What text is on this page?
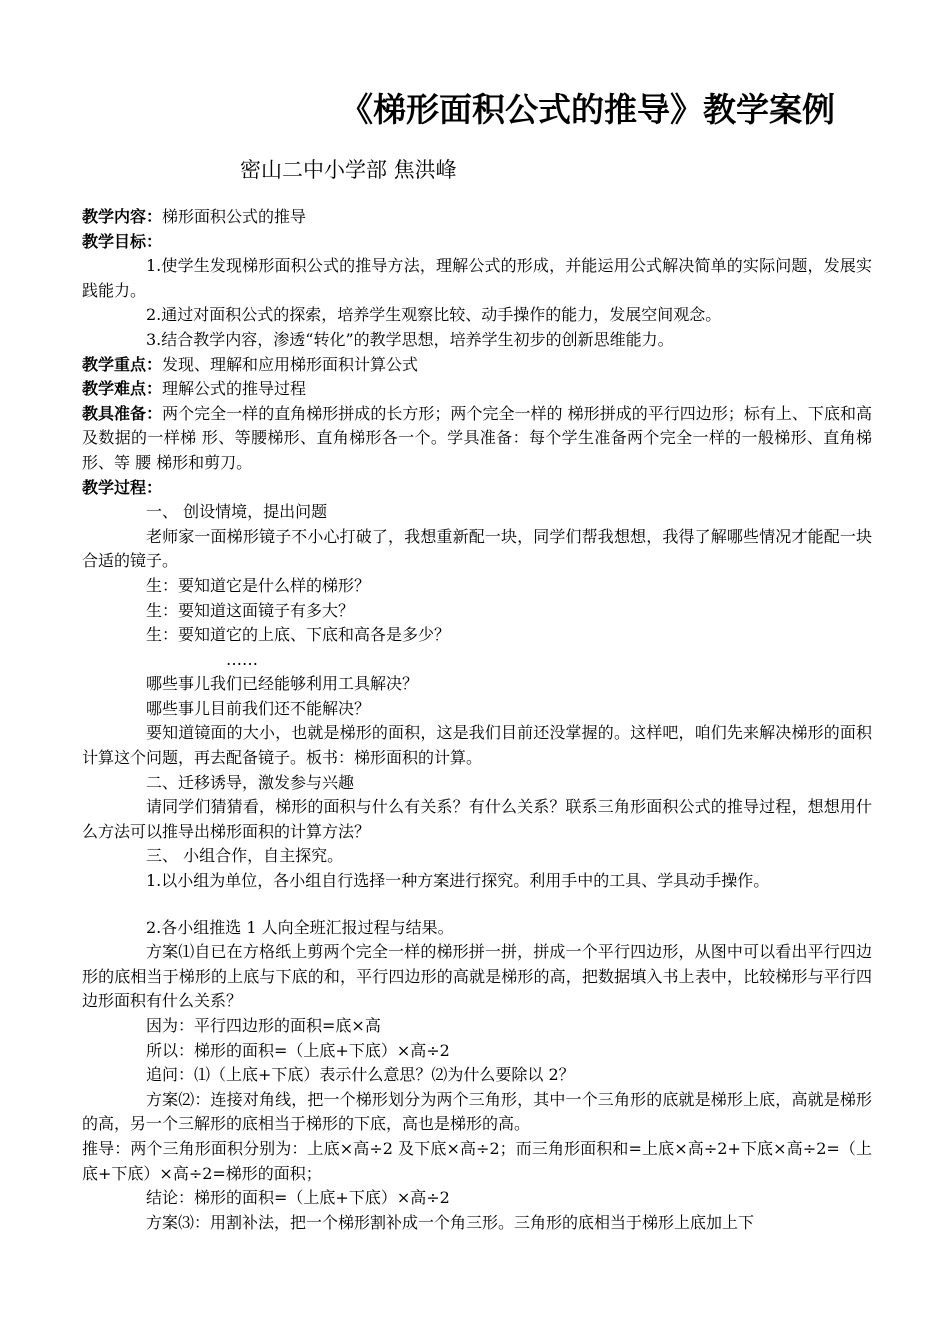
《梯形面积公式的推导》教学案例
密山二中小学部 焦洪峰

教学内容：梯形面积公式的推导

教学目标：

1.使学生发现梯形面积公式的推导方法，理解公式的形成，并能运用公式解决简单的实际问题，发展实践能力。

2.通过对面积公式的探索，培养学生观察比较、动手操作的能力，发展空间观念。

3.结合教学内容，渗透“转化”的教学思想，培养学生初步的创新思维能力。

教学重点：发现、理解和应用梯形面积计算公式

教学难点：理解公式的推导过程

教具准备：两个完全一样的直角梯形拼成的长方形；两个完全一样的 梯形拼成的平行四边形；标有上、下底和高及数据的一样梯 形、等腰梯形、直角梯形各一个。学具准备：每个学生准备两个完全一样的一般梯形、直角梯形、等 腰 梯形和剪刀。

教学过程：

一、 创设情境，提出问题

老师家一面梯形镜子不小心打破了，我想重新配一块，同学们帮我想想，我得了解哪些情况才能配一块合适的镜子。

生：要知道它是什么样的梯形？

生：要知道这面镜子有多大？

生：要知道它的上底、下底和高各是多少？

……

哪些事儿我们已经能够利用工具解决？

哪些事儿目前我们还不能解决？

要知道镜面的大小，也就是梯形的面积，这是我们目前还没掌握的。这样吧，咱们先来解决梯形的面积计算这个问题，再去配备镜子。板书：梯形面积的计算。

二、迁移诱导，激发参与兴趣

请同学们猜猜看，梯形的面积与什么有关系？有什么关系？联系三角形面积公式的推导过程，想想用什么方法可以推导出梯形面积的计算方法？

三、 小组合作，自主探究。

1.以小组为单位，各小组自行选择一种方案进行探究。利用手中的工具、学具动手操作。

2.各小组推选 1 人向全班汇报过程与结果。

方案⑴自已在方格纸上剪两个完全一样的梯形拼一拼，拼成一个平行四边形，从图中可以看出平行四边形的底相当于梯形的上底与下底的和，平行四边形的高就是梯形的高，把数据填入书上表中，比较梯形与平行四边形面积有什么关系？

因为：平行四边形的面积=底×高

所以：梯形的面积=（上底+下底）×高÷2

追问：⑴（上底+下底）表示什么意思？⑵为什么要除以 2？

方案⑵：连接对角线，把一个梯形划分为两个三角形，其中一个三角形的底就是梯形上底，高就是梯形的高，另一个三解形的底相当于梯形的下底，高也是梯形的高。

推导：两个三角形面积分别为：上底×高÷2 及下底×高÷2；而三角形面积和=上底×高÷2+下底×高÷2=（上底+下底）×高÷2=梯形的面积；

结论：梯形的面积=（上底+下底）×高÷2

方案⑶：用割补法，把一个梯形割补成一个角三形。三角形的底相当于梯形上底加上下
